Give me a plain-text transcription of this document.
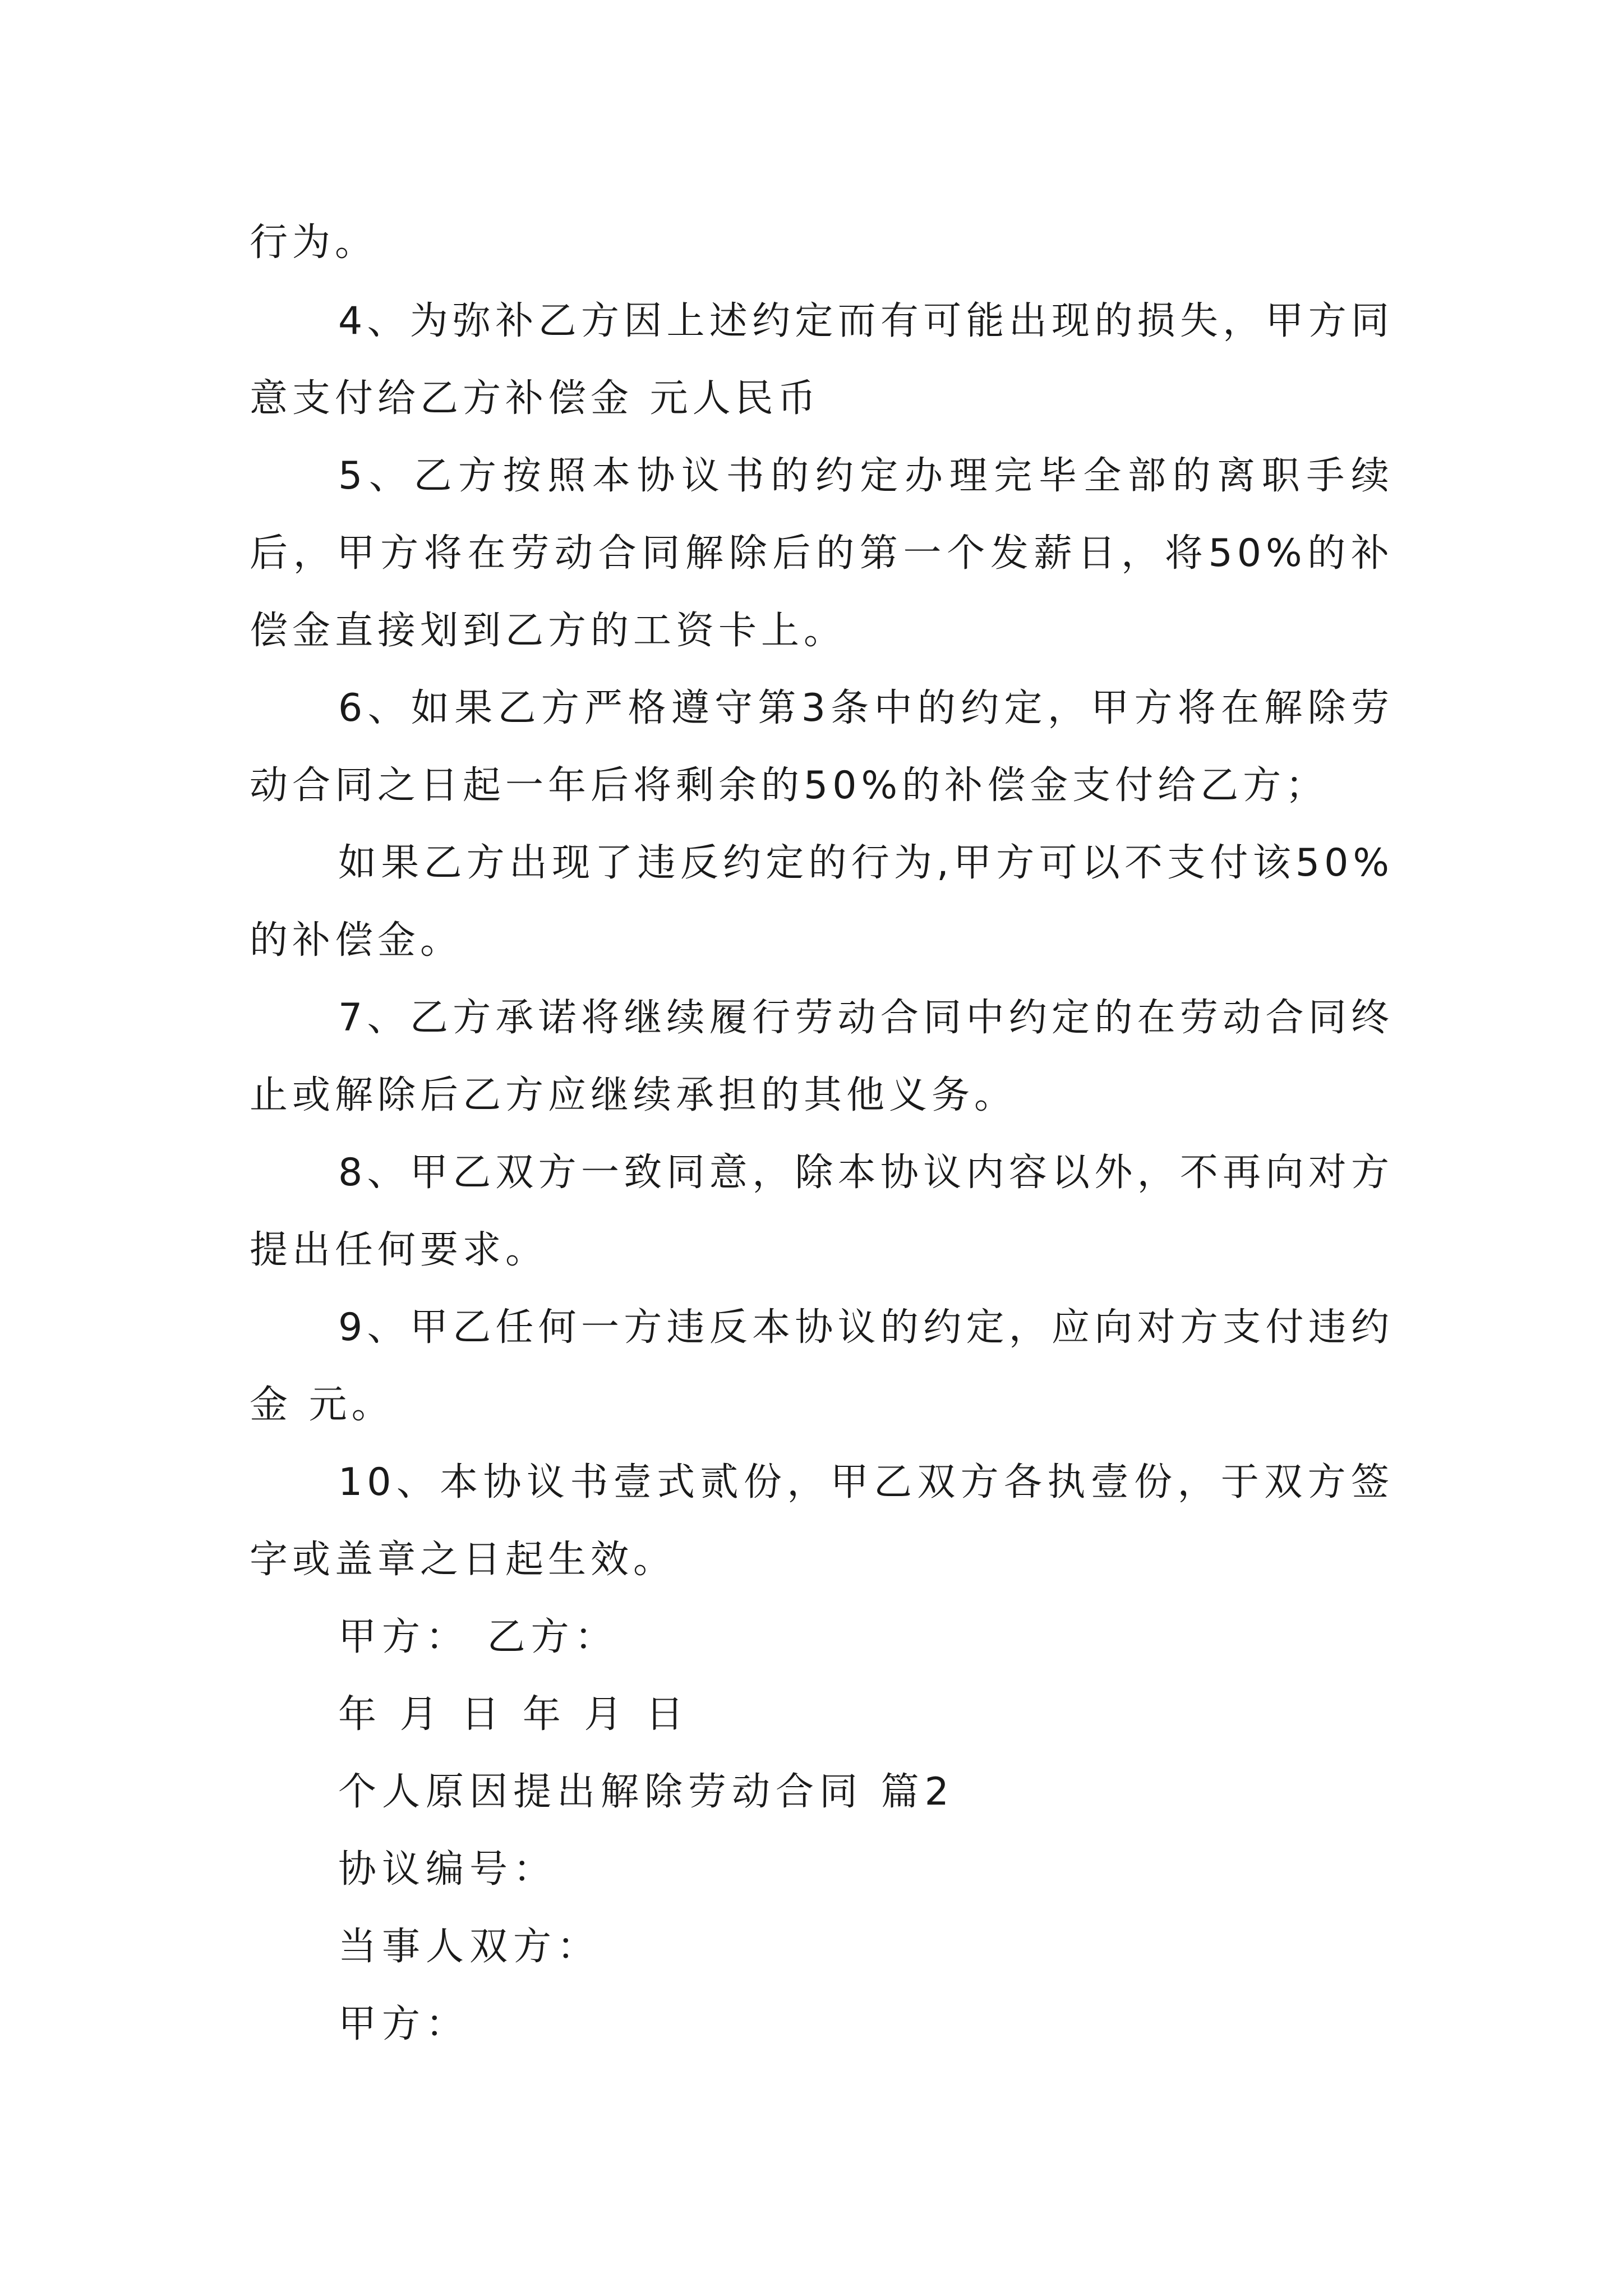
行为。

4、为弥补乙方因上述约定而有可能出现的损失，甲方同意支付给乙方补偿金 元人民币

5、乙方按照本协议书的约定办理完毕全部的离职手续后，甲方将在劳动合同解除后的第一个发薪日，将50%的补偿金直接划到乙方的工资卡上。

6、如果乙方严格遵守第3条中的约定，甲方将在解除劳动合同之日起一年后将剩余的50%的补偿金支付给乙方；

如果乙方出现了违反约定的行为,甲方可以不支付该50%的补偿金。

7、乙方承诺将继续履行劳动合同中约定的在劳动合同终止或解除后乙方应继续承担的其他义务。

8、甲乙双方一致同意，除本协议内容以外，不再向对方提出任何要求。

9、甲乙任何一方违反本协议的约定，应向对方支付违约金 元。

10、本协议书壹式贰份，甲乙双方各执壹份，于双方签字或盖章之日起生效。

甲方： 乙方：

年 月 日 年 月 日

个人原因提出解除劳动合同 篇2

协议编号：

当事人双方：

甲方：
